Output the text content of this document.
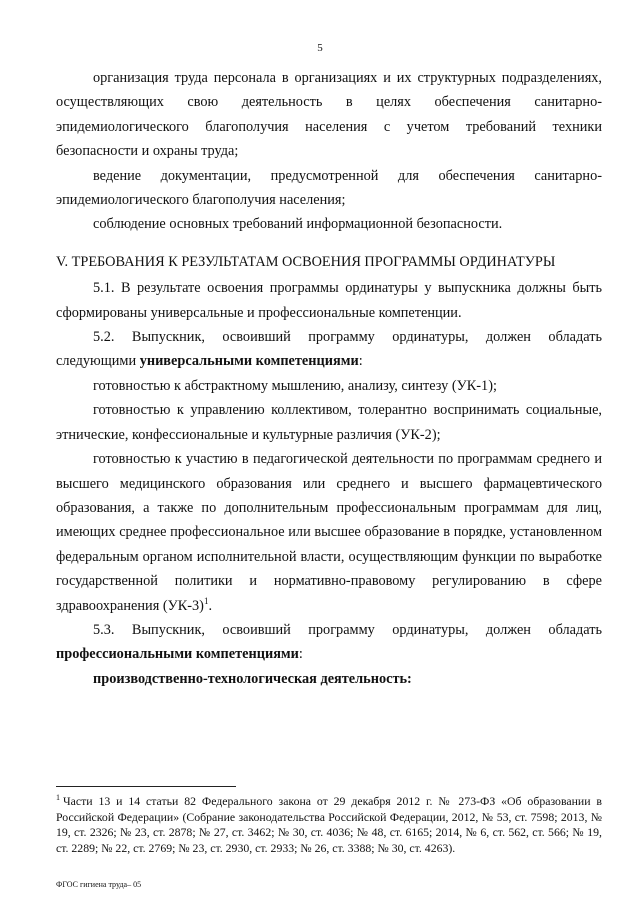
5

организация труда персонала в организациях и их структурных подразделениях, осуществляющих свою деятельность в целях обеспечения санитарно-эпидемиологического благополучия населения с учетом требований техники безопасности и охраны труда;

ведение документации, предусмотренной для обеспечения санитарно-эпидемиологического благополучия населения;

соблюдение основных требований информационной безопасности.

V. ТРЕБОВАНИЯ К РЕЗУЛЬТАТАМ ОСВОЕНИЯ ПРОГРАММЫ ОРДИНАТУРЫ

5.1. В результате освоения программы ординатуры у выпускника должны быть сформированы универсальные и профессиональные компетенции.

5.2. Выпускник, освоивший программу ординатуры, должен обладать следующими универсальными компетенциями:

готовностью к абстрактному мышлению, анализу, синтезу (УК-1);

готовностью к управлению коллективом, толерантно воспринимать социальные, этнические, конфессиональные и культурные различия (УК-2);

готовностью к участию в педагогической деятельности по программам среднего и высшего медицинского образования или среднего и высшего фармацевтического образования, а также по дополнительным профессиональным программам для лиц, имеющих среднее профессиональное или высшее образование в порядке, установленном федеральным органом исполнительной власти, осуществляющим функции по выработке государственной политики и нормативно-правовому регулированию в сфере здравоохранения (УК-3)$^1$.

5.3. Выпускник, освоивший программу ординатуры, должен обладать профессиональными компетенциями:

производственно-технологическая деятельность:

$^1$ Части 13 и 14 статьи 82 Федерального закона от 29 декабря 2012 г. № 273-ФЗ «Об образовании в Российской Федерации» (Собрание законодательства Российской Федерации, 2012, № 53, ст. 7598; 2013, № 19, ст. 2326; № 23, ст. 2878; № 27, ст. 3462; № 30, ст. 4036; № 48, ст. 6165; 2014, № 6, ст. 562, ст. 566; № 19, ст. 2289; № 22, ст. 2769; № 23, ст. 2930, ст. 2933; № 26, ст. 3388; № 30, ст. 4263).

ФГОС гигиена труда– 05
